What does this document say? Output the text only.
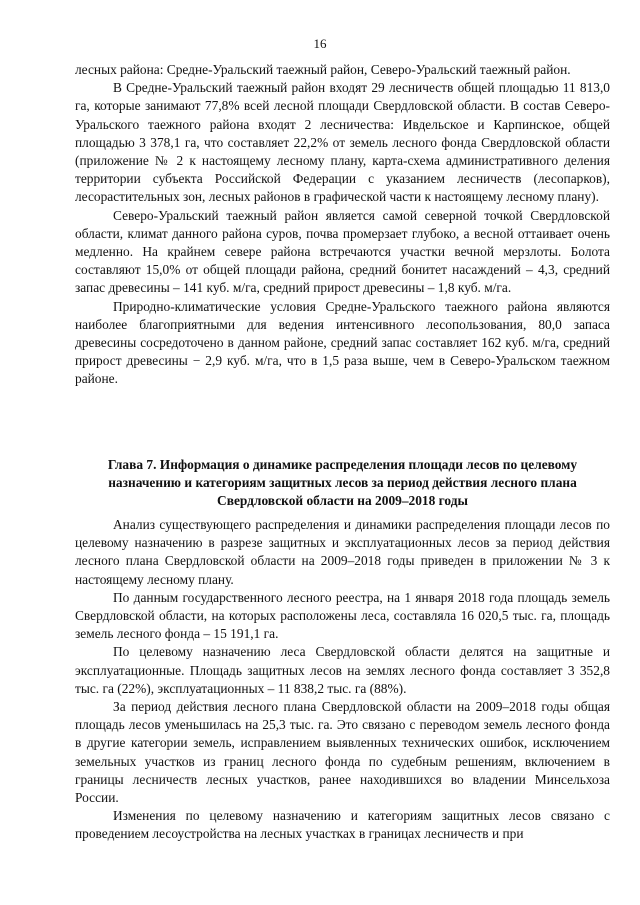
16

лесных района: Средне-Уральский таежный район, Северо-Уральский таежный район.

В Средне-Уральский таежный район входят 29 лесничеств общей площадью 11 813,0 га, которые занимают 77,8% всей лесной площади Свердловской области. В состав Северо-Уральского таежного района входят 2 лесничества: Ивдельское и Карпинское, общей площадью 3 378,1 га, что составляет 22,2% от земель лесного фонда Свердловской области (приложение № 2 к настоящему лесному плану, карта-схема административного деления территории субъекта Российской Федерации с указанием лесничеств (лесопарков), лесорастительных зон, лесных районов в графической части к настоящему лесному плану).

Северо-Уральский таежный район является самой северной точкой Свердловской области, климат данного района суров, почва промерзает глубоко, а весной оттаивает очень медленно. На крайнем севере района встречаются участки вечной мерзлоты. Болота составляют 15,0% от общей площади района, средний бонитет насаждений – 4,3, средний запас древесины – 141 куб. м/га, средний прирост древесины – 1,8 куб. м/га.

Природно-климатические условия Средне-Уральского таежного района являются наиболее благоприятными для ведения интенсивного лесопользования, 80,0 запаса древесины сосредоточено в данном районе, средний запас составляет 162 куб. м/га, средний прирост древесины − 2,9 куб. м/га, что в 1,5 раза выше, чем в Северо-Уральском таежном районе.

Глава 7. Информация о динамике распределения площади лесов по целевому назначению и категориям защитных лесов за период действия лесного плана Свердловской области на 2009–2018 годы

Анализ существующего распределения и динамики распределения площади лесов по целевому назначению в разрезе защитных и эксплуатационных лесов за период действия лесного плана Свердловской области на 2009–2018 годы приведен в приложении № 3 к настоящему лесному плану.

По данным государственного лесного реестра, на 1 января 2018 года площадь земель Свердловской области, на которых расположены леса, составляла 16 020,5 тыс. га, площадь земель лесного фонда – 15 191,1 га.

По целевому назначению леса Свердловской области делятся на защитные и эксплуатационные. Площадь защитных лесов на землях лесного фонда составляет 3 352,8 тыс. га (22%), эксплуатационных – 11 838,2 тыс. га (88%).

За период действия лесного плана Свердловской области на 2009–2018 годы общая площадь лесов уменьшилась на 25,3 тыс. га. Это связано с переводом земель лесного фонда в другие категории земель, исправлением выявленных технических ошибок, исключением земельных участков из границ лесного фонда по судебным решениям, включением в границы лесничеств лесных участков, ранее находившихся во владении Минсельхоза России.

Изменения по целевому назначению и категориям защитных лесов связано с проведением лесоустройства на лесных участках в границах лесничеств и при
